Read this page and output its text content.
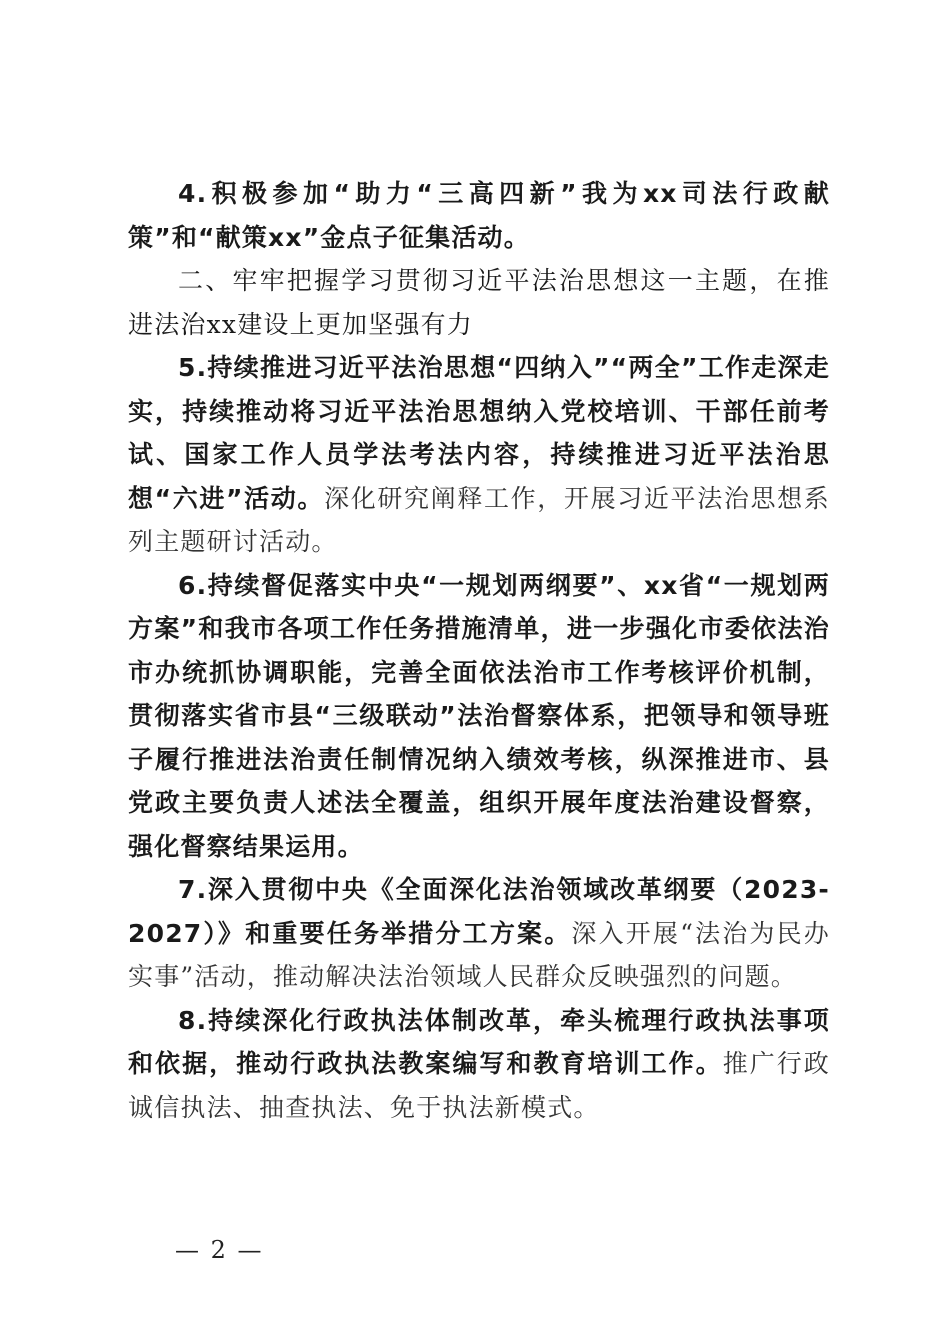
4.积极参加“助力“三高四新”我为xx司法行政献策”和“献策xx”金点子征集活动。

二、牢牢把握学习贯彻习近平法治思想这一主题，在推进法治xx建设上更加坚强有力

5.持续推进习近平法治思想“四纳入”“两全”工作走深走实，持续推动将习近平法治思想纳入党校培训、干部任前考试、国家工作人员学法考法内容，持续推进习近平法治思想“六进”活动。深化研究阐释工作，开展习近平法治思想系列主题研讨活动。

6.持续督促落实中央“一规划两纲要”、xx省“一规划两方案”和我市各项工作任务措施清单，进一步强化市委依法治市办统抓协调职能，完善全面依法治市工作考核评价机制，贯彻落实省市县“三级联动”法治督察体系，把领导和领导班子履行推进法治责任制情况纳入绩效考核，纵深推进市、县党政主要负责人述法全覆盖，组织开展年度法治建设督察，强化督察结果运用。

7.深入贯彻中央《全面深化法治领域改革纲要（2023-2027）》和重要任务举措分工方案。深入开展“法治为民办实事”活动，推动解决法治领域人民群众反映强烈的问题。

8.持续深化行政执法体制改革，牵头梳理行政执法事项和依据，推动行政执法教案编写和教育培训工作。推广行政诚信执法、抽查执法、免于执法新模式。

— 2 —
